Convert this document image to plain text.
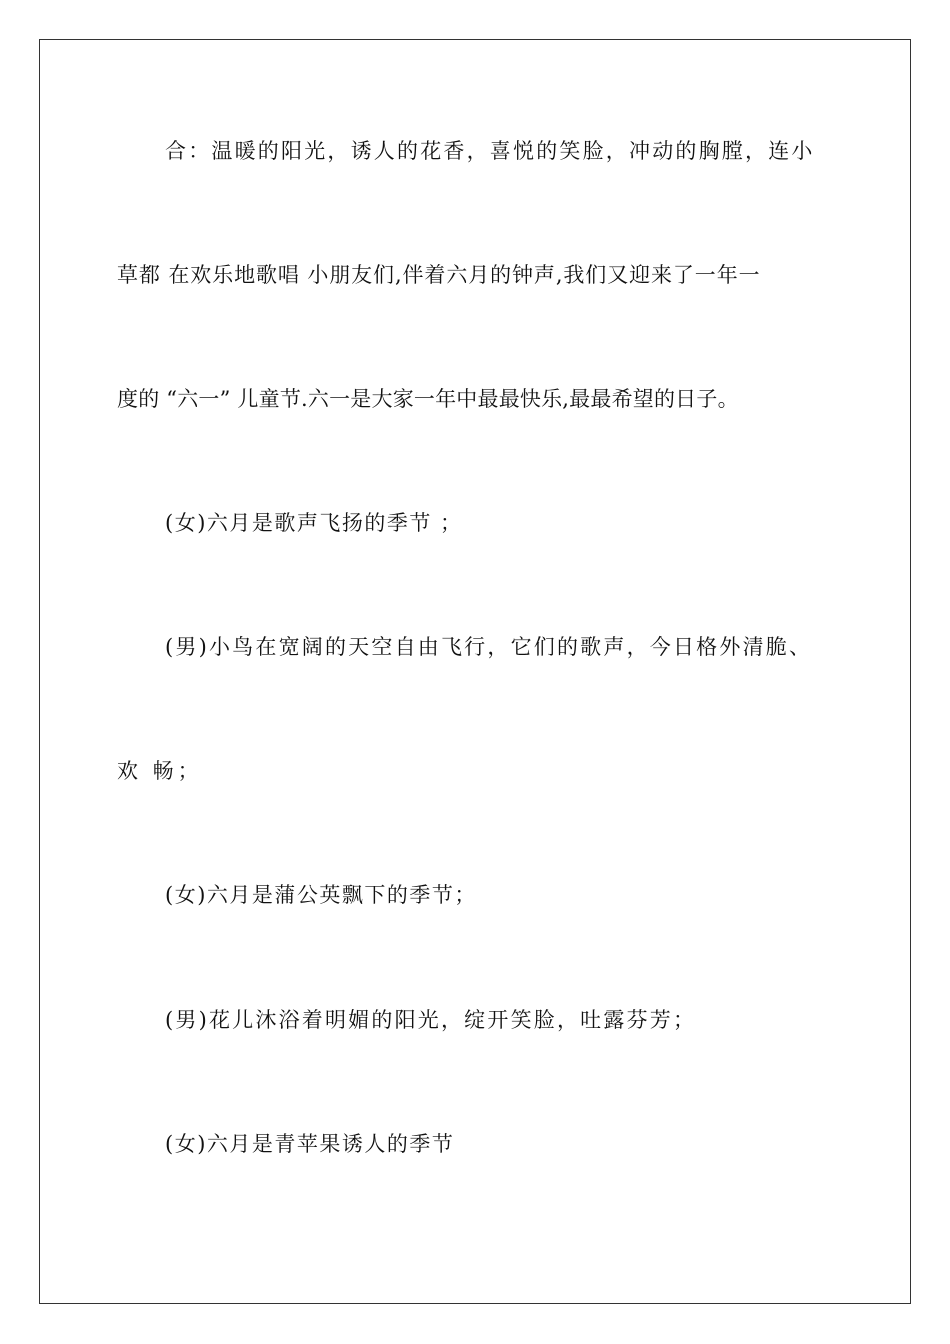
合：温暖的阳光，诱人的花香，喜悦的笑脸，冲动的胸膛，连小
草都 在欢乐地歌唱 小朋友们,伴着六月的钟声,我们又迎来了一年一
度的 “六一” 儿童节.六一是大家一年中最最快乐,最最希望的日子。
(女)六月是歌声飞扬的季节 ；
(男)小鸟在宽阔的天空自由飞行，它们的歌声，今日格外清脆、
欢 畅；
(女)六月是蒲公英飘下的季节；
(男)花儿沐浴着明媚的阳光，绽开笑脸，吐露芬芳；
(女)六月是青苹果诱人的季节
